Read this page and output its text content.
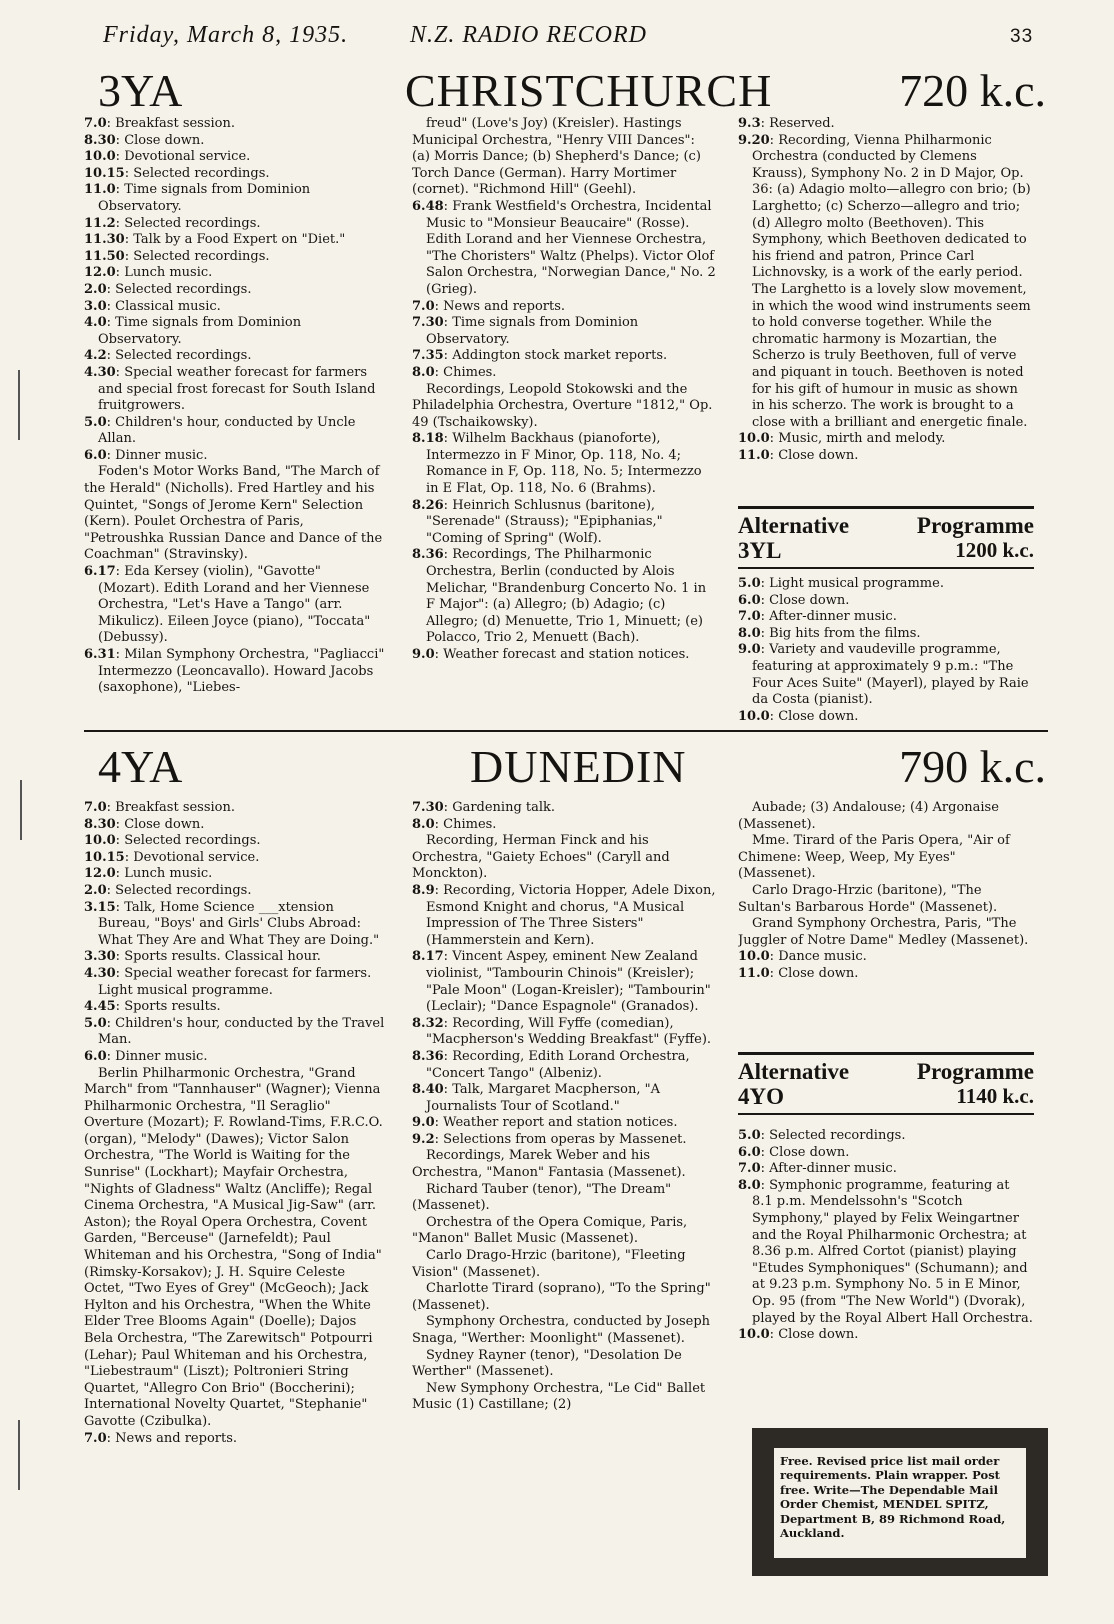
Friday, March 8, 1935.	N.Z. RADIO RECORD	33
3YA	CHRISTCHURCH	720 k.c.

7.0: Breakfast session.

8.30: Close down.

10.0: Devotional service.

10.15: Selected recordings.

11.0: Time signals from Dominion Observatory.

11.2: Selected recordings.

11.30: Talk by a Food Expert on "Diet."

11.50: Selected recordings.

12.0: Lunch music.

2.0: Selected recordings.

3.0: Classical music.

4.0: Time signals from Dominion Observatory.

4.2: Selected recordings.

4.30: Special weather forecast for farmers and special frost forecast for South Island fruitgrowers.

5.0: Children's hour, conducted by Uncle Allan.

6.0: Dinner music.

Foden's Motor Works Band, "The March of the Herald" (Nicholls). Fred Hartley and his Quintet, "Songs of Jerome Kern" Selection (Kern). Poulet Orchestra of Paris, "Petroushka Russian Dance and Dance of the Coachman" (Stravinsky).

6.17: Eda Kersey (violin), "Gavotte" (Mozart). Edith Lorand and her Viennese Orchestra, "Let's Have a Tango" (arr. Mikulicz). Eileen Joyce (piano), "Toccata" (Debussy).

6.31: Milan Symphony Orchestra, "Pagliacci" Intermezzo (Leoncavallo). Howard Jacobs (saxophone), "Liebes-

freud" (Love's Joy) (Kreisler). Hastings Municipal Orchestra, "Henry VIII Dances": (a) Morris Dance; (b) Shepherd's Dance; (c) Torch Dance (German). Harry Mortimer (cornet). "Richmond Hill" (Geehl).

6.48: Frank Westfield's Orchestra, Incidental Music to "Monsieur Beaucaire" (Rosse). Edith Lorand and her Viennese Orchestra, "The Choristers" Waltz (Phelps). Victor Olof Salon Orchestra, "Norwegian Dance," No. 2 (Grieg).

7.0: News and reports.

7.30: Time signals from Dominion Observatory.

7.35: Addington stock market reports.

8.0: Chimes.

Recordings, Leopold Stokowski and the Philadelphia Orchestra, Overture "1812," Op. 49 (Tschaikowsky).

8.18: Wilhelm Backhaus (pianoforte), Intermezzo in F Minor, Op. 118, No. 4; Romance in F, Op. 118, No. 5; Intermezzo in E Flat, Op. 118, No. 6 (Brahms).

8.26: Heinrich Schlusnus (baritone), "Serenade" (Strauss); "Epiphanias," "Coming of Spring" (Wolf).

8.36: Recordings, The Philharmonic Orchestra, Berlin (conducted by Alois Melichar, "Brandenburg Concerto No. 1 in F Major": (a) Allegro; (b) Adagio; (c) Allegro; (d) Menuette, Trio 1, Minuett; (e) Polacco, Trio 2, Menuett (Bach).

9.0: Weather forecast and station notices.

9.3: Reserved.

9.20: Recording, Vienna Philharmonic Orchestra (conducted by Clemens Krauss), Symphony No. 2 in D Major, Op. 36: (a) Adagio molto—allegro con brio; (b) Larghetto; (c) Scherzo—allegro and trio; (d) Allegro molto (Beethoven). This Symphony, which Beethoven dedicated to his friend and patron, Prince Carl Lichnovsky, is a work of the early period. The Larghetto is a lovely slow movement, in which the wood wind instruments seem to hold converse together. While the chromatic harmony is Mozartian, the Scherzo is truly Beethoven, full of verve and piquant in touch. Beethoven is noted for his gift of humour in music as shown in his scherzo. The work is brought to a close with a brilliant and energetic finale.

10.0: Music, mirth and melody.

11.0: Close down.

Alternative	Programme
3YL	1200 k.c.

5.0: Light musical programme.

6.0: Close down.

7.0: After-dinner music.

8.0: Big hits from the films.

9.0: Variety and vaudeville programme, featuring at approximately 9 p.m.: "The Four Aces Suite" (Mayerl), played by Raie da Costa (pianist).

10.0: Close down.

4YA	DUNEDIN	790 k.c.

7.0: Breakfast session.

8.30: Close down.

10.0: Selected recordings.

10.15: Devotional service.

12.0: Lunch music.

2.0: Selected recordings.

3.15: Talk, Home Science ___xtension Bureau, "Boys' and Girls' Clubs Abroad: What They Are and What They are Doing."

3.30: Sports results. Classical hour.

4.30: Special weather forecast for farmers. Light musical programme.

4.45: Sports results.

5.0: Children's hour, conducted by the Travel Man.

6.0: Dinner music.

Berlin Philharmonic Orchestra, "Grand March" from "Tannhauser" (Wagner); Vienna Philharmonic Orchestra, "Il Seraglio" Overture (Mozart); F. Rowland-Tims, F.R.C.O. (organ), "Melody" (Dawes); Victor Salon Orchestra, "The World is Waiting for the Sunrise" (Lockhart); Mayfair Orchestra, "Nights of Gladness" Waltz (Ancliffe); Regal Cinema Orchestra, "A Musical Jig-Saw" (arr. Aston); the Royal Opera Orchestra, Covent Garden, "Berceuse" (Jarnefeldt); Paul Whiteman and his Orchestra, "Song of India" (Rimsky-Korsakov); J. H. Squire Celeste Octet, "Two Eyes of Grey" (McGeoch); Jack Hylton and his Orchestra, "When the White Elder Tree Blooms Again" (Doelle); Dajos Bela Orchestra, "The Zarewitsch" Potpourri (Lehar); Paul Whiteman and his Orchestra, "Liebestraum" (Liszt); Poltronieri String Quartet, "Allegro Con Brio" (Boccherini); International Novelty Quartet, "Stephanie" Gavotte (Czibulka).

7.0: News and reports.

7.30: Gardening talk.

8.0: Chimes.

Recording, Herman Finck and his Orchestra, "Gaiety Echoes" (Caryll and Monckton).

8.9: Recording, Victoria Hopper, Adele Dixon, Esmond Knight and chorus, "A Musical Impression of The Three Sisters" (Hammerstein and Kern).

8.17: Vincent Aspey, eminent New Zealand violinist, "Tambourin Chinois" (Kreisler); "Pale Moon" (Logan-Kreisler); "Tambourin" (Leclair); "Dance Espagnole" (Granados).

8.32: Recording, Will Fyffe (comedian), "Macpherson's Wedding Breakfast" (Fyffe).

8.36: Recording, Edith Lorand Orchestra, "Concert Tango" (Albeniz).

8.40: Talk, Margaret Macpherson, "A Journalists Tour of Scotland."

9.0: Weather report and station notices.

9.2: Selections from operas by Massenet.

Recordings, Marek Weber and his Orchestra, "Manon" Fantasia (Massenet).

Richard Tauber (tenor), "The Dream" (Massenet).

Orchestra of the Opera Comique, Paris, "Manon" Ballet Music (Massenet).

Carlo Drago-Hrzic (baritone), "Fleeting Vision" (Massenet).

Charlotte Tirard (soprano), "To the Spring" (Massenet).

Symphony Orchestra, conducted by Joseph Snaga, "Werther: Moonlight" (Massenet).

Sydney Rayner (tenor), "Desolation De Werther" (Massenet).

New Symphony Orchestra, "Le Cid" Ballet Music (1) Castillane; (2)

Aubade; (3) Andalouse; (4) Argonaise (Massenet).

Mme. Tirard of the Paris Opera, "Air of Chimene: Weep, Weep, My Eyes" (Massenet).

Carlo Drago-Hrzic (baritone), "The Sultan's Barbarous Horde" (Massenet).

Grand Symphony Orchestra, Paris, "The Juggler of Notre Dame" Medley (Massenet).

10.0: Dance music.

11.0: Close down.

Alternative	Programme
4YO	1140 k.c.

5.0: Selected recordings.

6.0: Close down.

7.0: After-dinner music.

8.0: Symphonic programme, featuring at 8.1 p.m. Mendelssohn's "Scotch Symphony," played by Felix Weingartner and the Royal Philharmonic Orchestra; at 8.36 p.m. Alfred Cortot (pianist) playing "Etudes Symphoniques" (Schumann); and at 9.23 p.m. Symphony No. 5 in E Minor, Op. 95 (from "The New World") (Dvorak), played by the Royal Albert Hall Orchestra.

10.0: Close down.

Free. Revised price list mail order requirements. Plain wrapper. Post free. Write—The Dependable Mail Order Chemist, MENDEL SPITZ, Department B, 89 Richmond Road, Auckland.
